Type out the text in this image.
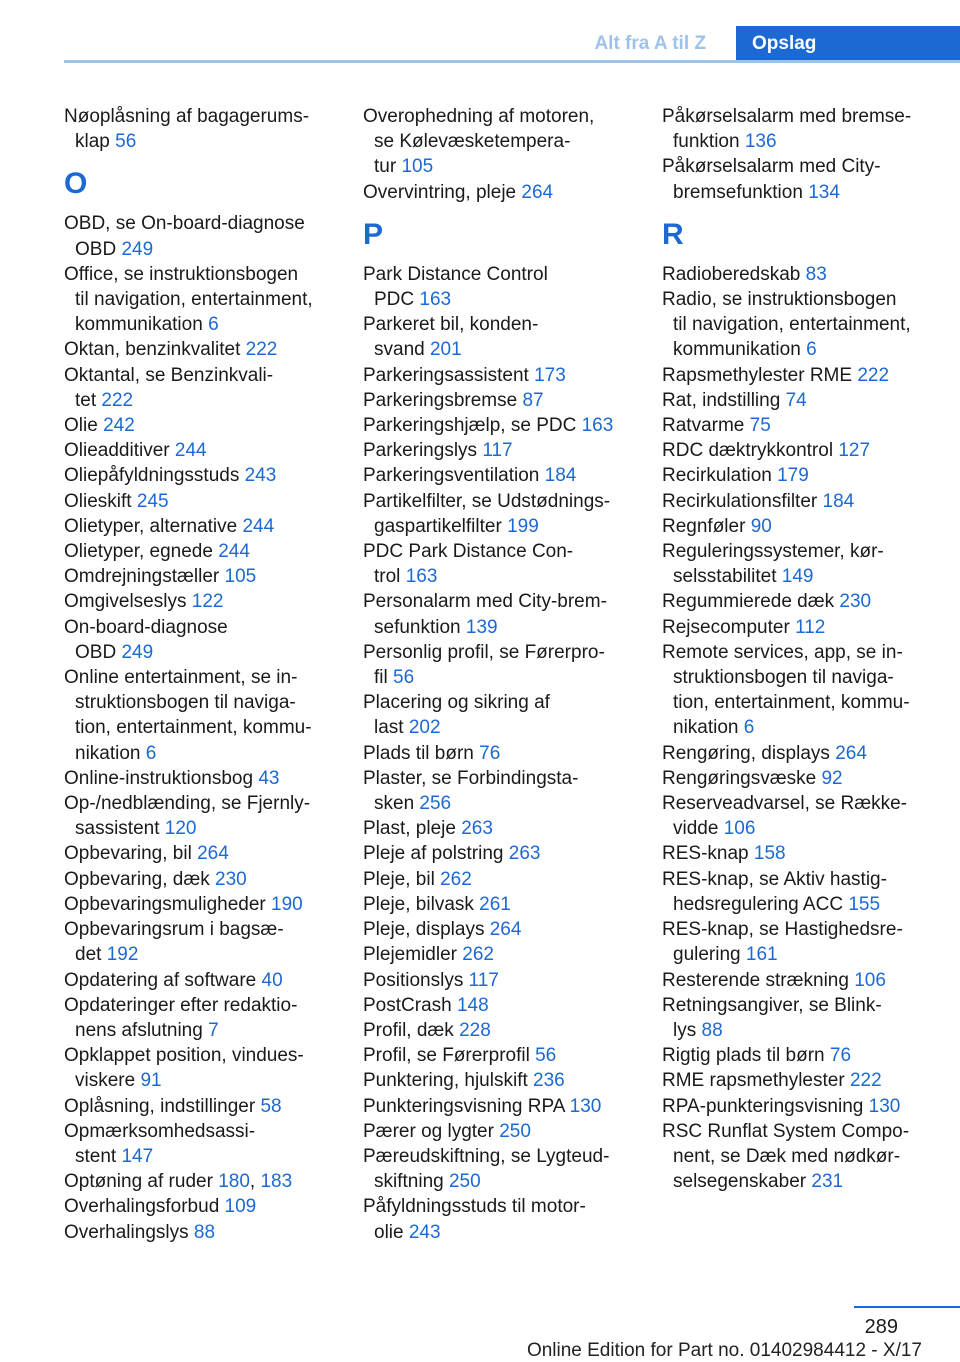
Alt fra A til Z	Opslag
Nøoplåsning af bagagerums‐
klap 56
O
OBD, se On-board-diagnose
OBD 249
Office, se instruktionsbogen
til navigation, entertainment,
kommunikation 6
Oktan, benzinkvalitet 222
Oktantal, se Benzinkvali‐
tet 222
Olie 242
Olieadditiver 244
Oliepåfyldningsstuds 243
Olieskift 245
Olietyper, alternative 244
Olietyper, egnede 244
Omdrejningstæller 105
Omgivelseslys 122
On-board-diagnose
OBD 249
Online entertainment, se in‐
struktionsbogen til naviga‐
tion, entertainment, kommu‐
nikation 6
Online-instruktionsbog 43
Op-/nedblænding, se Fjernly‐
sassistent 120
Opbevaring, bil 264
Opbevaring, dæk 230
Opbevaringsmuligheder 190
Opbevaringsrum i bagsæ‐
det 192
Opdatering af software 40
Opdateringer efter redaktio‐
nens afslutning 7
Opklappet position, vindues‐
viskere 91
Oplåsning, indstillinger 58
Opmærksomhedsassi‐
stent 147
Optøning af ruder 180, 183
Overhalingsforbud 109
Overhalingslys 88
Overophedning af motoren,
se Kølevæsketempera‐
tur 105
Overvintring, pleje 264
P
Park Distance Control
PDC 163
Parkeret bil, konden‐
svand 201
Parkeringsassistent 173
Parkeringsbremse 87
Parkeringshjælp, se PDC 163
Parkeringslys 117
Parkeringsventilation 184
Partikelfilter, se Udstødnings‐
gaspartikelfilter 199
PDC Park Distance Con‐
trol 163
Personalarm med City-brem‐
sefunktion 139
Personlig profil, se Førerpro‐
fil 56
Placering og sikring af
last 202
Plads til børn 76
Plaster, se Forbindingsta‐
sken 256
Plast, pleje 263
Pleje af polstring 263
Pleje, bil 262
Pleje, bilvask 261
Pleje, displays 264
Plejemidler 262
Positionslys 117
PostCrash 148
Profil, dæk 228
Profil, se Førerprofil 56
Punktering, hjulskift 236
Punkteringsvisning RPA 130
Pærer og lygter 250
Pæreudskiftning, se Lygteud‐
skiftning 250
Påfyldningsstuds til motor‐
olie 243
Påkørselsalarm med bremse‐
funktion 136
Påkørselsalarm med City-
bremsefunktion 134
R
Radioberedskab 83
Radio, se instruktionsbogen
til navigation, entertainment,
kommunikation 6
Rapsmethylester RME 222
Rat, indstilling 74
Ratvarme 75
RDC dæktrykkontrol 127
Recirkulation 179
Recirkulationsfilter 184
Regnføler 90
Reguleringssystemer, kør‐
selsstabilitet 149
Regummierede dæk 230
Rejsecomputer 112
Remote services, app, se in‐
struktionsbogen til naviga‐
tion, entertainment, kommu‐
nikation 6
Rengøring, displays 264
Rengøringsvæske 92
Reserveadvarsel, se Række‐
vidde 106
RES-knap 158
RES-knap, se Aktiv hastig‐
hedsregulering ACC 155
RES-knap, se Hastighedsre‐
gulering 161
Resterende strækning 106
Retningsangiver, se Blink‐
lys 88
Rigtig plads til børn 76
RME rapsmethylester 222
RPA-punkteringsvisning 130
RSC Runflat System Compo‐
nent, se Dæk med nødkør‐
selsegenskaber 231
289
Online Edition for Part no. 01402984412 - X/17
